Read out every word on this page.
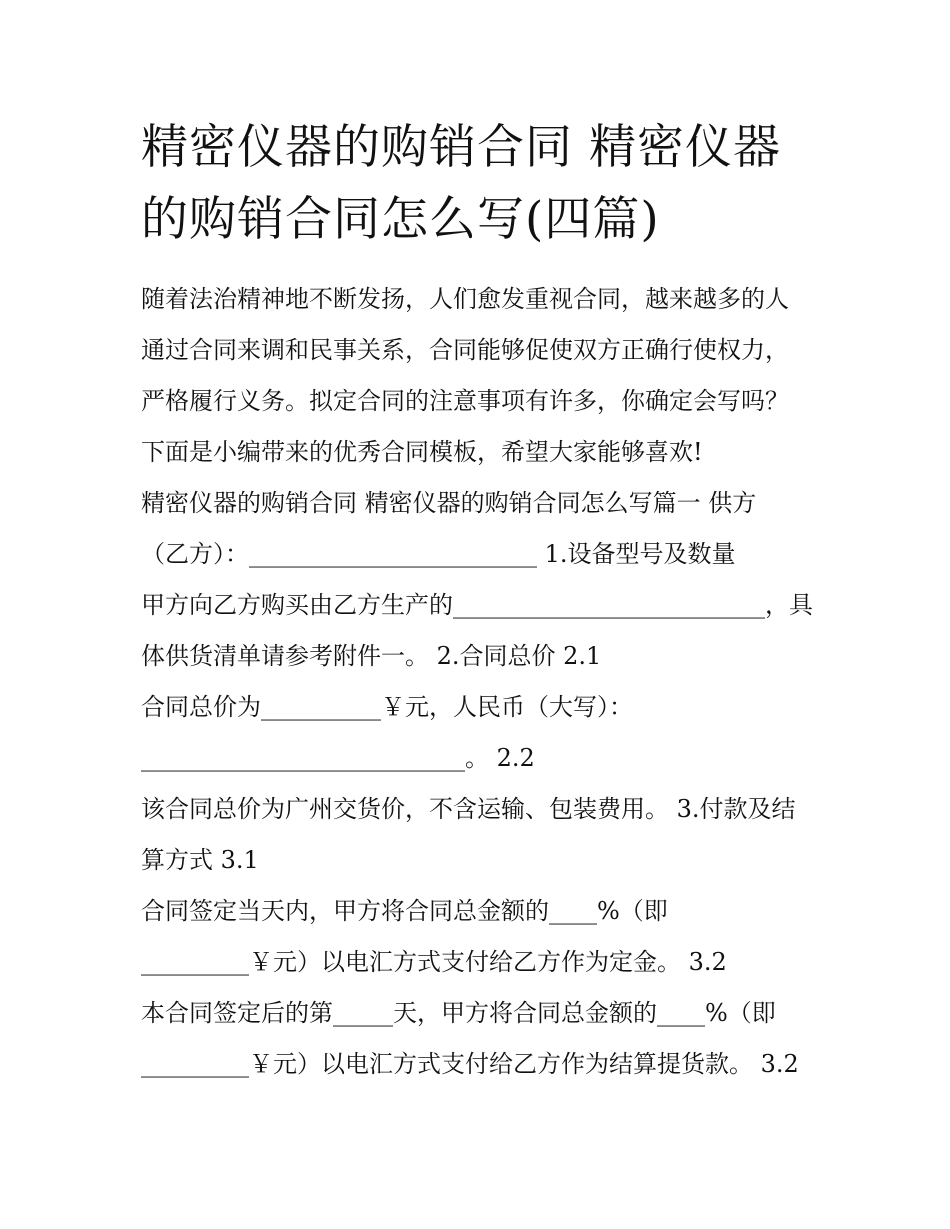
精密仪器的购销合同 精密仪器的购销合同怎么写(四篇)

随着法治精神地不断发扬，人们愈发重视合同，越来越多的人

通过合同来调和民事关系，合同能够促使双方正确行使权力，

严格履行义务。拟定合同的注意事项有许多，你确定会写吗？

下面是小编带来的优秀合同模板，希望大家能够喜欢!

精密仪器的购销合同 精密仪器的购销合同怎么写篇一 供方

（乙方）：________________________ 1.设备型号及数量

甲方向乙方购买由乙方生产的__________________________，具

体供货清单请参考附件一。 2.合同总价 2.1

合同总价为__________￥元，人民币（大写）：

___________________________。 2.2

该合同总价为广州交货价，不含运输、包装费用。 3.付款及结

算方式 3.1

合同签定当天内，甲方将合同总金额的____%（即

_________￥元）以电汇方式支付给乙方作为定金。 3.2

本合同签定后的第_____天，甲方将合同总金额的____%（即

_________￥元）以电汇方式支付给乙方作为结算提货款。 3.2
